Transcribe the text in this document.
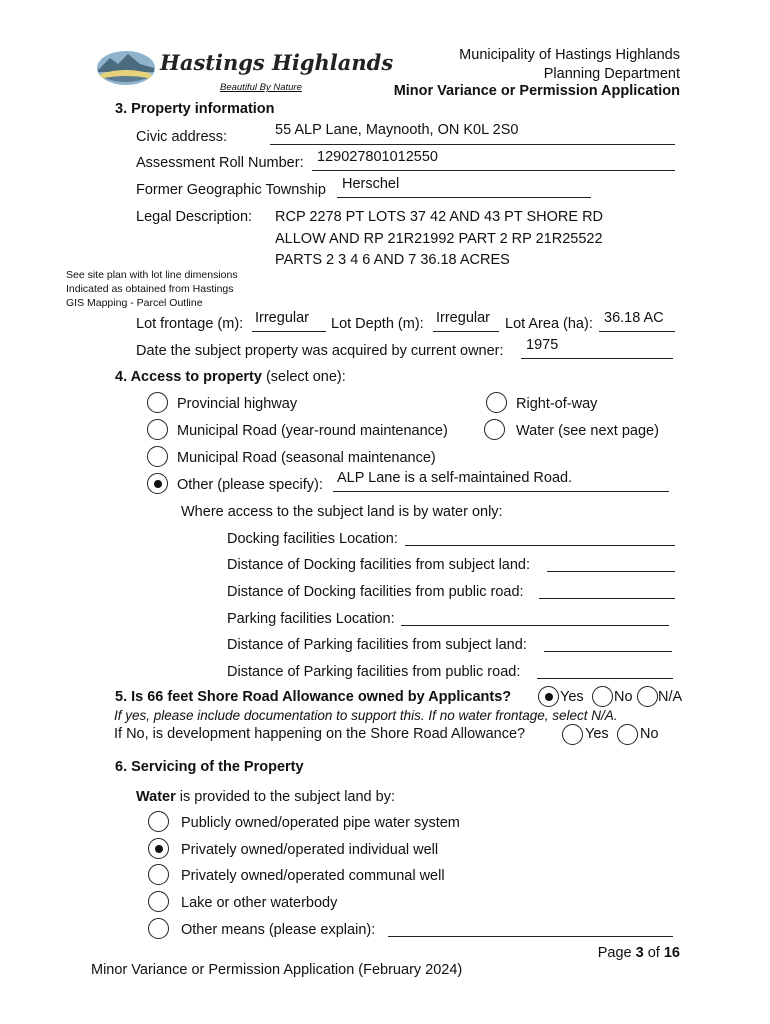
Hastings Highlands
Beautiful By Nature
Municipality of Hastings Highlands
Planning Department
Minor Variance or Permission Application
3. Property information
Civic address:	55 ALP Lane, Maynooth, ON K0L 2S0
Assessment Roll Number: 129027801012550
Former Geographic Township Herschel
Legal Description: RCP 2278 PT LOTS 37 42 AND 43 PT SHORE RD
ALLOW AND RP 21R21992 PART 2 RP 21R25522
PARTS 2 3 4 6 AND 7 36.18 ACRES
See site plan with lot line dimensions
Indicated as obtained from Hastings
GIS Mapping - Parcel Outline
Lot frontage (m): Irregular Lot Depth (m): Irregular Lot Area (ha): 36.18 AC
Date the subject property was acquired by current owner: 1975
4. Access to property (select one):
Provincial highway	Right-of-way
Municipal Road (year-round maintenance)	Water (see next page)
Municipal Road (seasonal maintenance)
Other (please specify): ALP Lane is a self-maintained Road.
Where access to the subject land is by water only:
Docking facilities Location:
Distance of Docking facilities from subject land:
Distance of Docking facilities from public road:
Parking facilities Location:
Distance of Parking facilities from subject land:
Distance of Parking facilities from public road:
5. Is 66 feet Shore Road Allowance owned by Applicants?	Yes No N/A
If yes, please include documentation to support this. If no water frontage, select N/A.
If No, is development happening on the Shore Road Allowance?	Yes No
6. Servicing of the Property
Water is provided to the subject land by:
Publicly owned/operated pipe water system
Privately owned/operated individual well
Privately owned/operated communal well
Lake or other waterbody
Other means (please explain):
Page 3 of 16
Minor Variance or Permission Application (February 2024)
